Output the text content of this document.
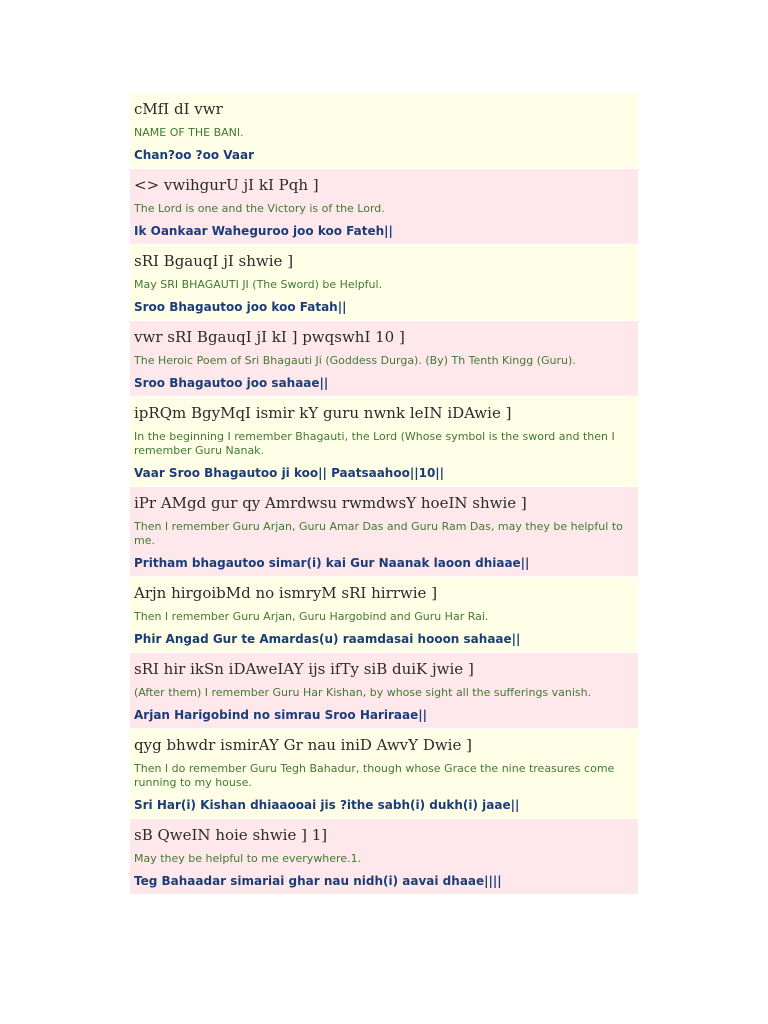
cMfI dI vwr
NAME OF THE BANI.
Chan?oo ?oo Vaar
<> vwihgurU jI kI Pqh ]
The Lord is one and the Victory is of the Lord.
Ik Oankaar Waheguroo joo koo Fateh||
sRI BgauqI jI shwie ]
May SRI BHAGAUTI JI (The Sword) be Helpful.
Sroo Bhagautoo joo koo Fatah||
vwr sRI BgauqI jI kI ] pwqswhI 10 ]
The Heroic Poem of Sri Bhagauti Ji (Goddess Durga). (By) Th Tenth Kingg (Guru).
Sroo Bhagautoo joo sahaae||
ipRQm BgyMqI ismir kY guru nwnk leIN iDAwie ]
In the beginning I remember Bhagauti, the Lord (Whose symbol is the sword and then I remember Guru Nanak.
Vaar Sroo Bhagautoo ji koo|| Paatsaahoo||10||
iPr AMgd gur qy Amrdwsu rwmdwsY hoeIN shwie ]
Then I remember Guru Arjan, Guru Amar Das and Guru Ram Das, may they be helpful to me.
Pritham bhagautoo simar(i) kai Gur Naanak laoon dhiaae||
Arjn hirgoibMd no ismryM sRI hirrwie ]
Then I remember Guru Arjan, Guru Hargobind and Guru Har Rai.
Phir Angad Gur te Amardas(u) raamdasai hooon sahaae||
sRI hir ikSn iDAweIAY ijs ifTy siB duiK jwie ]
(After them) I remember Guru Har Kishan, by whose sight all the sufferings vanish.
Arjan Harigobind no simrau Sroo Hariraae||
qyg bhwdr ismirAY Gr nau iniD AwvY Dwie ]
Then I do remember Guru Tegh Bahadur, though whose Grace the nine treasures come running to my house.
Sri Har(i) Kishan dhiaaooai jis ?ithe sabh(i) dukh(i) jaae||
sB QweIN hoie shwie ] 1]
May they be helpful to me everywhere.1.
Teg Bahaadar simariai ghar nau nidh(i) aavai dhaae||||
